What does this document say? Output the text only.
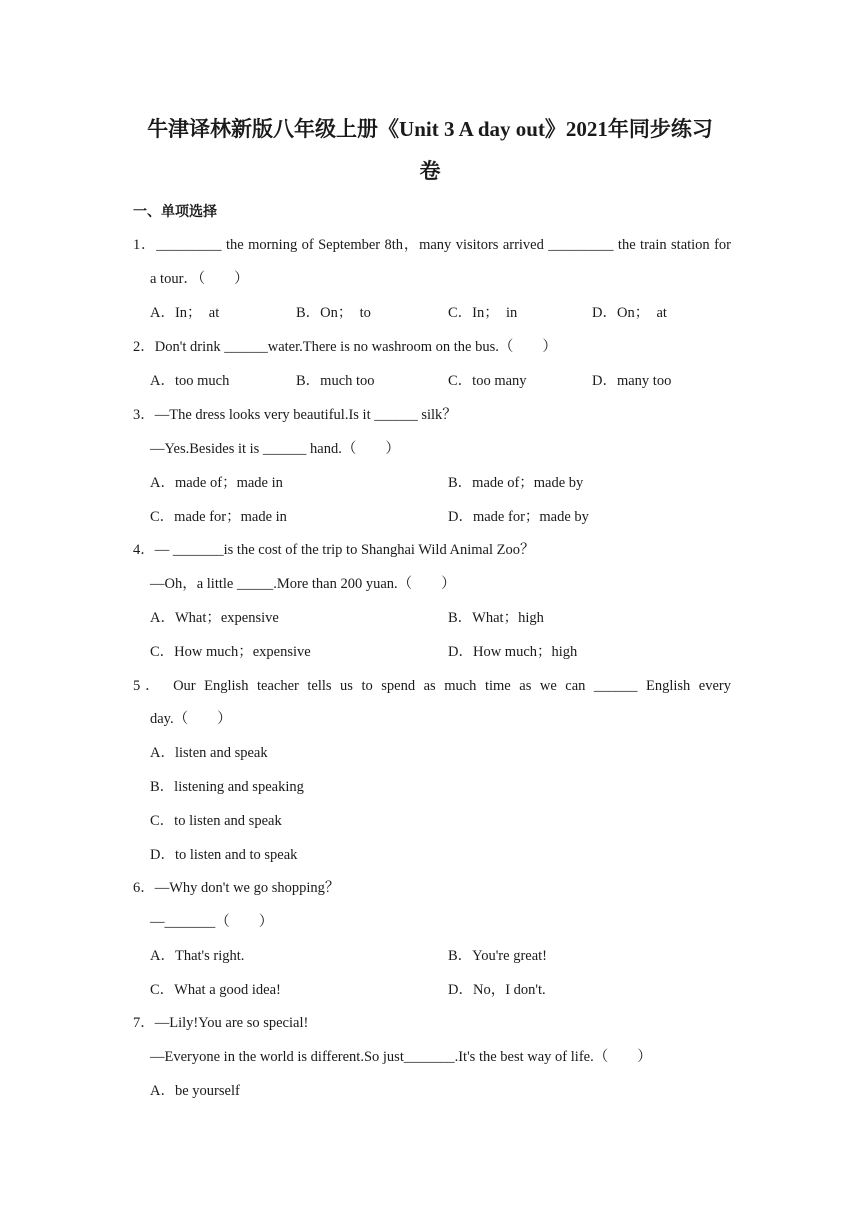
牛津译林新版八年级上册《Unit 3 A day out》2021年同步练习
卷
一、单项选择
1．_________ the morning of September 8th，many visitors arrived _________ the train station for
a tour．（　　）
A．In；　at	B．On；　to	C．In；　in	D．On；　at
2．Don't drink ______water.There is no washroom on the bus.（　　）
A．too much	B．much too	C．too many	D．many too
3．—The dress looks very beautiful.Is it ______ silk？
—Yes.Besides it is ______ hand.（　　）
A．made of；made in	B．made of；made by
C．made for；made in	D．made for；made by
4．— _______is the cost of the trip to Shanghai Wild Animal Zoo？
—Oh，a little _____.More than 200 yuan.（　　）
A．What；expensive	B．What；high
C．How much；expensive	D．How much；high
5． Our English teacher tells us to spend as much time as we can ______ English every
day.（　　）
A．listen and speak
B．listening and speaking
C．to listen and speak
D．to listen and to speak
6．—Why don't we go shopping？
—_______（　　）
A．That's right.	B．You're great!
C．What a good idea!	D．No，I don't.
7．—Lily!You are so special!
—Everyone in the world is different.So just_______.It's the best way of life.（　　）
A．be yourself
